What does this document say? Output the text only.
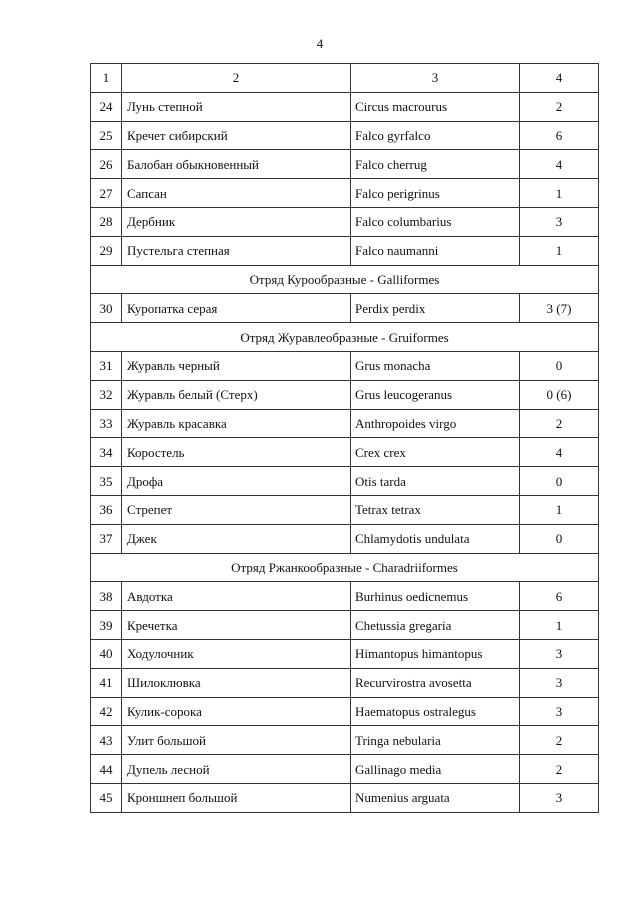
4
1	2	3	4
24	Лунь степной	Circus macrourus	2
25	Кречет сибирский	Falco gyrfalco	6
26	Балобан обыкновенный	Falco cherrug	4
27	Сапсан	Falco perigrinus	1
28	Дербник	Falco columbarius	3
29	Пустельга степная	Falco naumanni	1
Отряд Курообразные - Galliformes			
30	Куропатка серая	Perdix perdix	3 (7)
Отряд Журавлеобразные - Gruiformes			
31	Журавль черный	Grus monacha	0
32	Журавль белый (Стерх)	Grus leucogeranus	0 (6)
33	Журавль красавка	Anthropoides virgo	2
34	Коростель	Crex crex	4
35	Дрофа	Otis tarda	0
36	Стрепет	Tetrax tetrax	1
37	Джек	Chlamydotis undulata	0
Отряд Ржанкообразные - Charadriiformes			
38	Авдотка	Burhinus oedicnemus	6
39	Кречетка	Chetussia gregaria	1
40	Ходулочник	Himantopus himantopus	3
41	Шилоклювка	Recurvirostra avosetta	3
42	Кулик-сорока	Haematopus ostralegus	3
43	Улит большой	Tringa nebularia	2
44	Дупель лесной	Gallinago media	2
45	Кроншнеп большой	Numenius arguata	3
